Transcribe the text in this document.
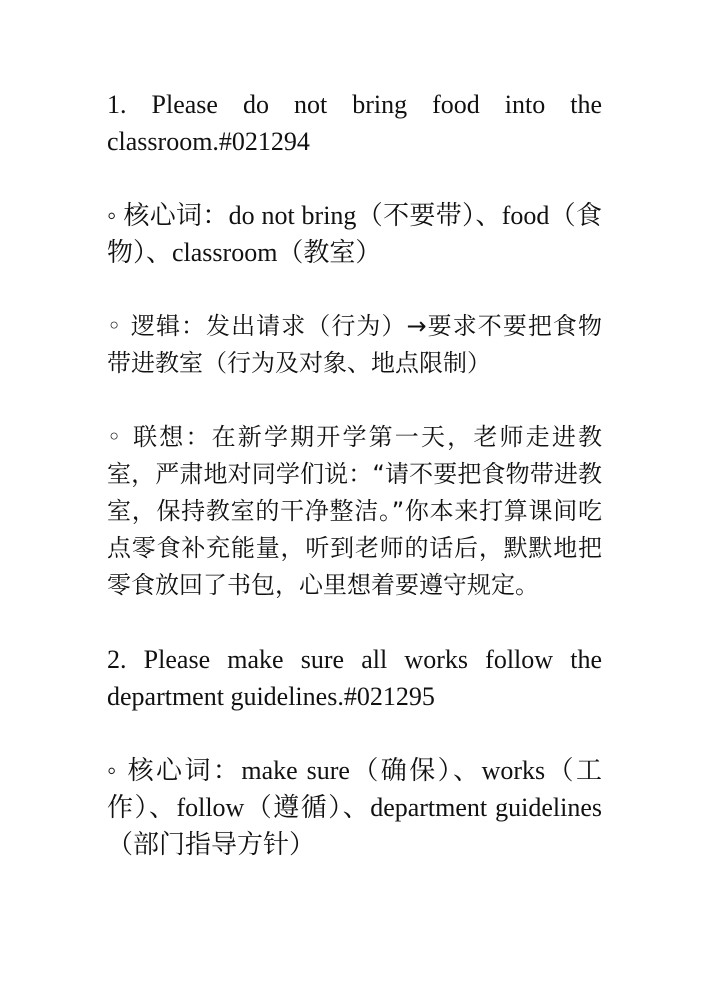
1. Please do not bring food into the classroom.#021294

◦ 核心词：do not bring（不要带）、food（食物）、classroom（教室）

◦ 逻辑：发出请求（行为）→要求不要把食物带进教室（行为及对象、地点限制）

◦ 联想：在新学期开学第一天，老师走进教室，严肃地对同学们说：“请不要把食物带进教室，保持教室的干净整洁。”你本来打算课间吃点零食补充能量，听到老师的话后，默默地把零食放回了书包，心里想着要遵守规定。

2. Please make sure all works follow the department guidelines.#021295

◦ 核心词：make sure（确保）、works（工作）、follow（遵循）、department guidelines（部门指导方针）
